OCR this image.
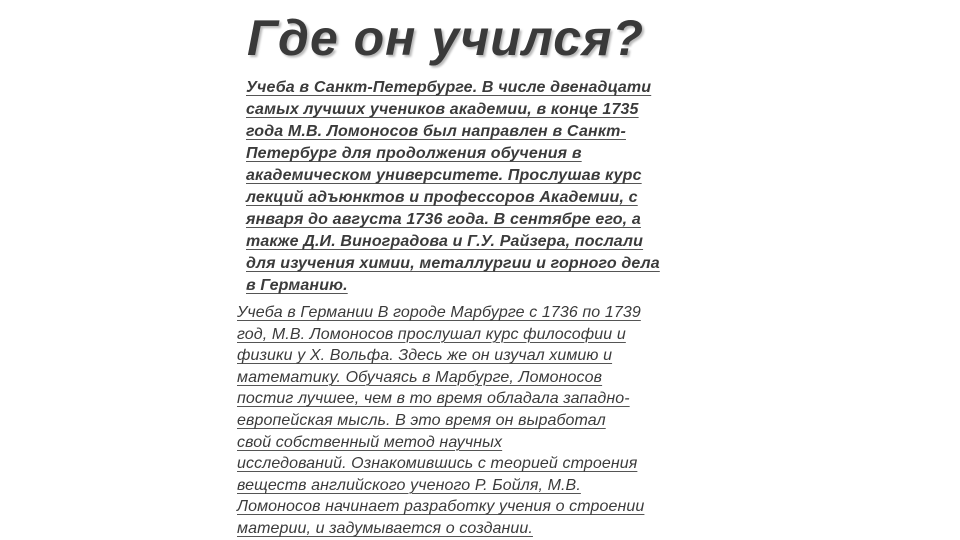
Где он учился?
Учеба в Санкт-Петербурге. В числе двенадцати
самых лучших учеников академии, в конце 1735
года М.В. Ломоносов был направлен в Санкт-
Петербург для продолжения обучения в
академическом университете. Прослушав курс
лекций адъюнктов и профессоров Академии, с
января до августа 1736 года. В сентябре его, а
также Д.И. Виноградова и Г.У. Райзера, послали
для изучения химии, металлургии и горного дела
в Германию.
Учеба в Германии В городе Марбурге с 1736 по 1739
год, М.В. Ломоносов прослушал курс философии и
физики у Х. Вольфа. Здесь же он изучал химию и
математику. Обучаясь в Марбурге, Ломоносов
постиг лучшее, чем в то время обладала западно-
европейская мысль. В это время он выработал
свой собственный метод научных
исследований. Ознакомившись с теорией строения
веществ английского ученого Р. Бойля, М.В.
Ломоносов начинает разработку учения о строении
материи, и задумывается о создании.
